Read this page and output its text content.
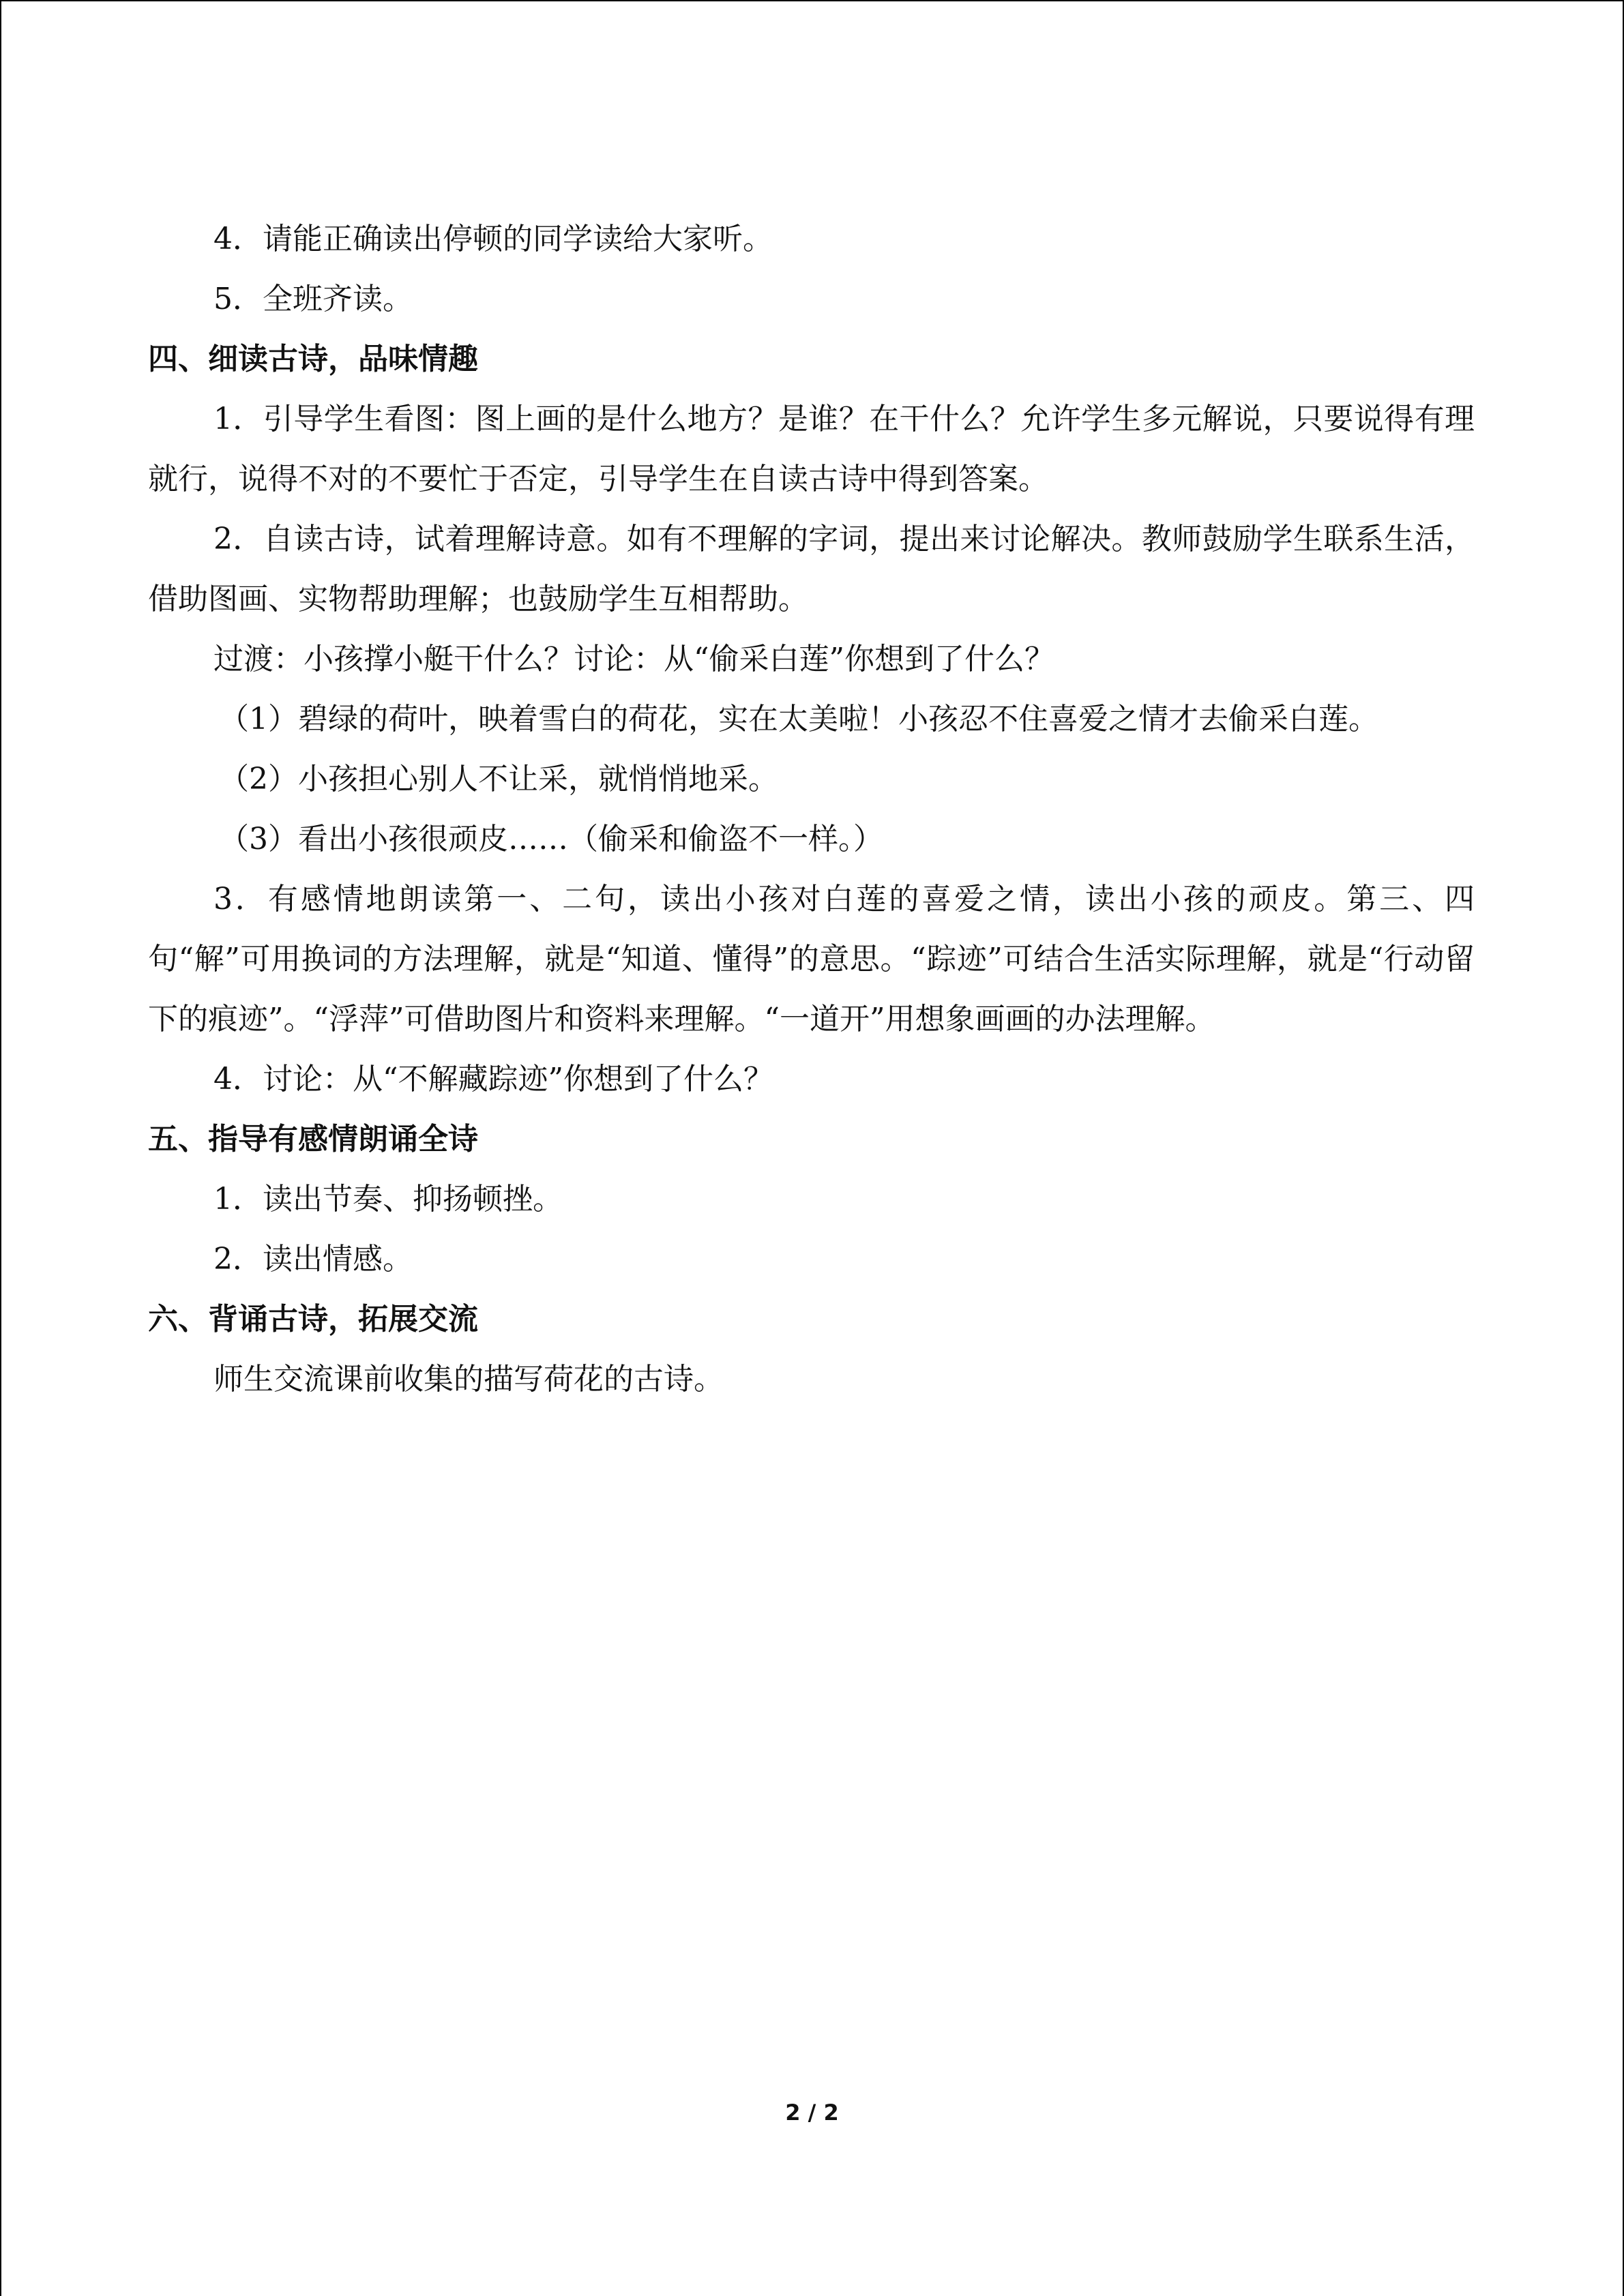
4．请能正确读出停顿的同学读给大家听。

5．全班齐读。

四、细读古诗，品味情趣

1．引导学生看图：图上画的是什么地方？是谁？在干什么？允许学生多元解说，只要说得有理就行，说得不对的不要忙于否定，引导学生在自读古诗中得到答案。

2．自读古诗，试着理解诗意。如有不理解的字词，提出来讨论解决。教师鼓励学生联系生活，借助图画、实物帮助理解；也鼓励学生互相帮助。

过渡：小孩撑小艇干什么？讨论：从“偷采白莲”你想到了什么？

（1）碧绿的荷叶，映着雪白的荷花，实在太美啦！小孩忍不住喜爱之情才去偷采白莲。

（2）小孩担心别人不让采，就悄悄地采。

（3）看出小孩很顽皮……（偷采和偷盗不一样。）

3．有感情地朗读第一、二句，读出小孩对白莲的喜爱之情，读出小孩的顽皮。第三、四句“解”可用换词的方法理解，就是“知道、懂得”的意思。“踪迹”可结合生活实际理解，就是“行动留下的痕迹”。“浮萍”可借助图片和资料来理解。“一道开”用想象画画的办法理解。

4．讨论：从“不解藏踪迹”你想到了什么？

五、指导有感情朗诵全诗

1．读出节奏、抑扬顿挫。

2．读出情感。

六、背诵古诗，拓展交流

师生交流课前收集的描写荷花的古诗。

2 / 2
